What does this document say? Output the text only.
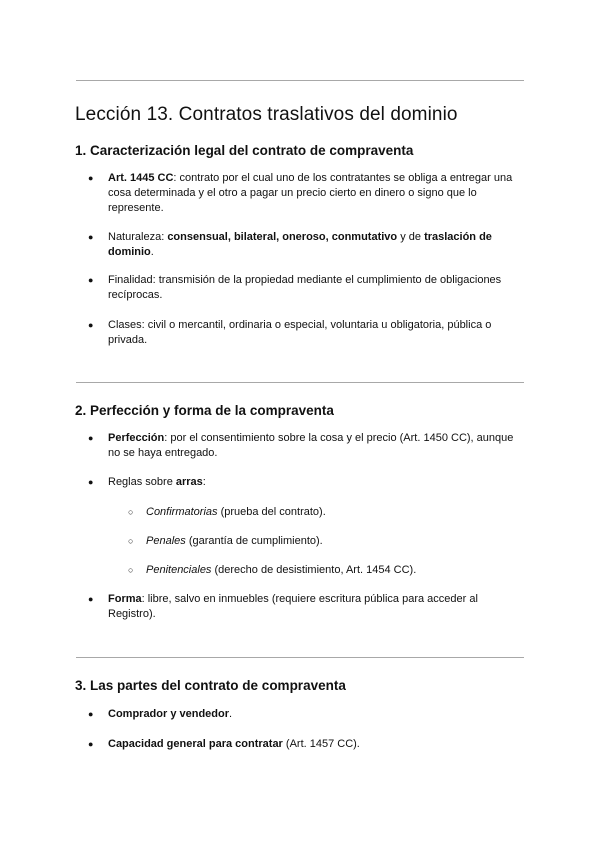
Lección 13. Contratos traslativos del dominio
1. Caracterización legal del contrato de compraventa

● Art. 1445 CC: contrato por el cual uno de los contratantes se obliga a entregar una cosa determinada y el otro a pagar un precio cierto en dinero o signo que lo represente.

● Naturaleza: consensual, bilateral, oneroso, conmutativo y de traslación de dominio.

● Finalidad: transmisión de la propiedad mediante el cumplimiento de obligaciones recíprocas.

● Clases: civil o mercantil, ordinaria o especial, voluntaria u obligatoria, pública o privada.

2. Perfección y forma de la compraventa

● Perfección: por el consentimiento sobre la cosa y el precio (Art. 1450 CC), aunque no se haya entregado.

● Reglas sobre arras:

○ Confirmatorias (prueba del contrato).

○ Penales (garantía de cumplimiento).

○ Penitenciales (derecho de desistimiento, Art. 1454 CC).

● Forma: libre, salvo en inmuebles (requiere escritura pública para acceder al Registro).

3. Las partes del contrato de compraventa

● Comprador y vendedor.

● Capacidad general para contratar (Art. 1457 CC).
